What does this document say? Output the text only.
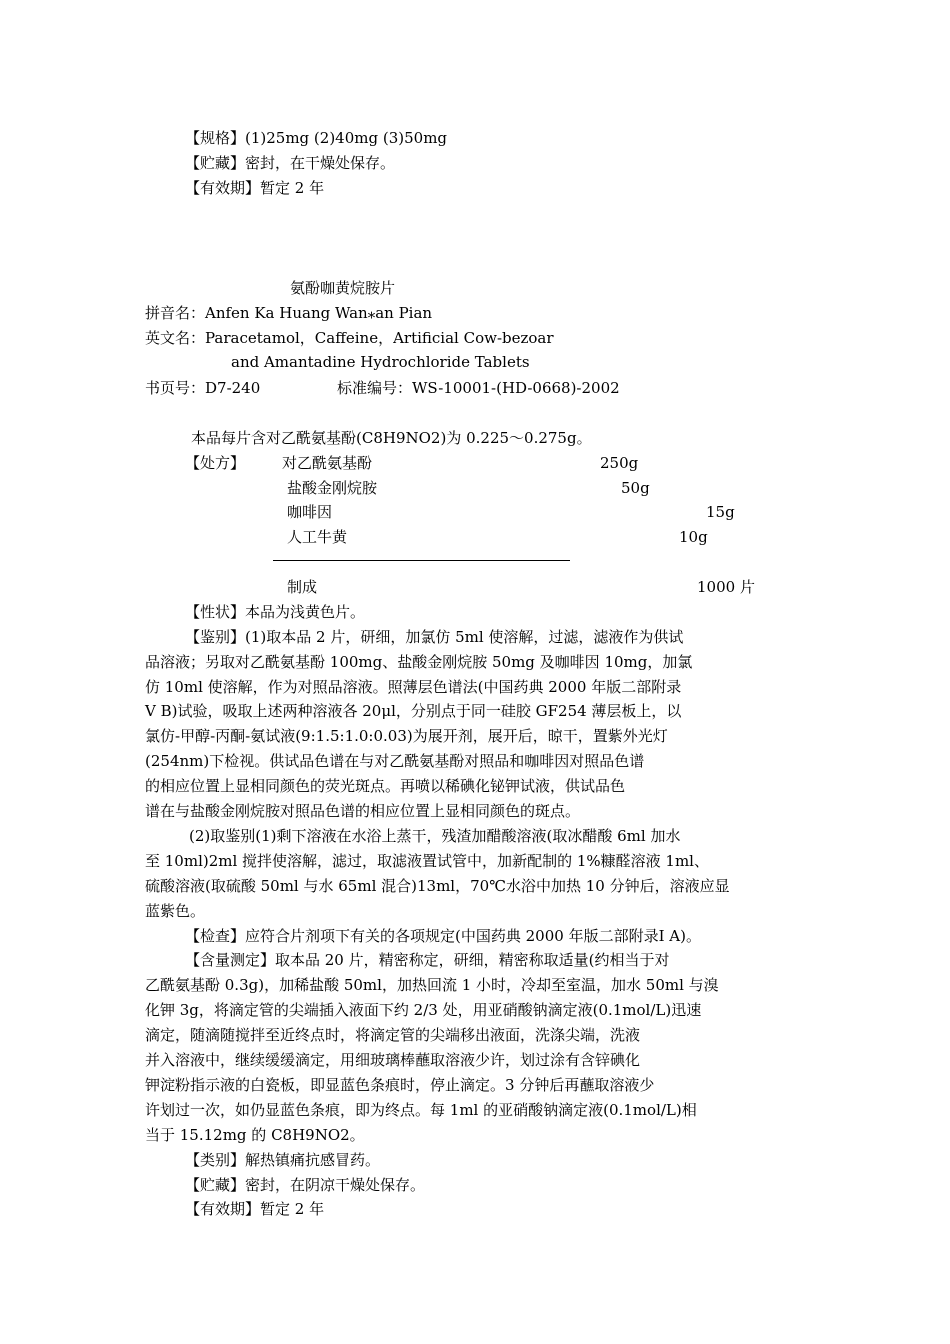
【规格】(1)25mg (2)40mg (3)50mg
【贮藏】密封，在干燥处保存。
【有效期】暂定 2 年
氨酚咖黄烷胺片
拼音名：Anfen Ka Huang Wan⁎an Pian
英文名：Paracetamol，Caffeine，Artificial Cow-bezoar
and Amantadine Hydrochloride Tablets
书页号：D7-240	标准编号：WS-10001-(HD-0668)-2002
本品每片含对乙酰氨基酚(C8H9NO2)为 0.225～0.275g。
【处方】 对乙酰氨基酚	250g
盐酸金刚烷胺	50g
咖啡因	15g
人工牛黄	10g
制成	1000 片
【性状】本品为浅黄色片。
【鉴别】(1)取本品 2 片，研细，加氯仿 5ml 使溶解，过滤，滤液作为供试
品溶液；另取对乙酰氨基酚 100mg、盐酸金刚烷胺 50mg 及咖啡因 10mg，加氯
仿 10ml 使溶解，作为对照品溶液。照薄层色谱法(中国药典 2000 年版二部附录
Ⅴ B)试验，吸取上述两种溶液各 20μl，分别点于同一硅胶 GF254 薄层板上，以
氯仿-甲醇-丙酮-氨试液(9:1.5:1.0:0.03)为展开剂，展开后，晾干，置紫外光灯
(254nm)下检视。供试品色谱在与对乙酰氨基酚对照品和咖啡因对照品色谱
的相应位置上显相同颜色的荧光斑点。再喷以稀碘化铋钾试液，供试品色
谱在与盐酸金刚烷胺对照品色谱的相应位置上显相同颜色的斑点。
(2)取鉴别(1)剩下溶液在水浴上蒸干，残渣加醋酸溶液(取冰醋酸 6ml 加水
至 10ml)2ml 搅拌使溶解，滤过，取滤液置试管中，加新配制的 1%糠醛溶液 1ml、
硫酸溶液(取硫酸 50ml 与水 65ml 混合)13ml，70℃水浴中加热 10 分钟后，溶液应显
蓝紫色。
【检查】应符合片剂项下有关的各项规定(中国药典 2000 年版二部附录Ⅰ A)。
【含量测定】取本品 20 片，精密称定，研细，精密称取适量(约相当于对
乙酰氨基酚 0.3g)，加稀盐酸 50ml，加热回流 1 小时，冷却至室温，加水 50ml 与溴
化钾 3g，将滴定管的尖端插入液面下约 2/3 处，用亚硝酸钠滴定液(0.1mol/L)迅速
滴定，随滴随搅拌至近终点时，将滴定管的尖端移出液面，洗涤尖端，洗液
并入溶液中，继续缓缓滴定，用细玻璃棒蘸取溶液少许，划过涂有含锌碘化
钾淀粉指示液的白瓷板，即显蓝色条痕时，停止滴定。3 分钟后再蘸取溶液少
许划过一次，如仍显蓝色条痕，即为终点。每 1ml 的亚硝酸钠滴定液(0.1mol/L)相
当于 15.12mg 的 C8H9NO2。
【类别】解热镇痛抗感冒药。
【贮藏】密封，在阴凉干燥处保存。
【有效期】暂定 2 年
